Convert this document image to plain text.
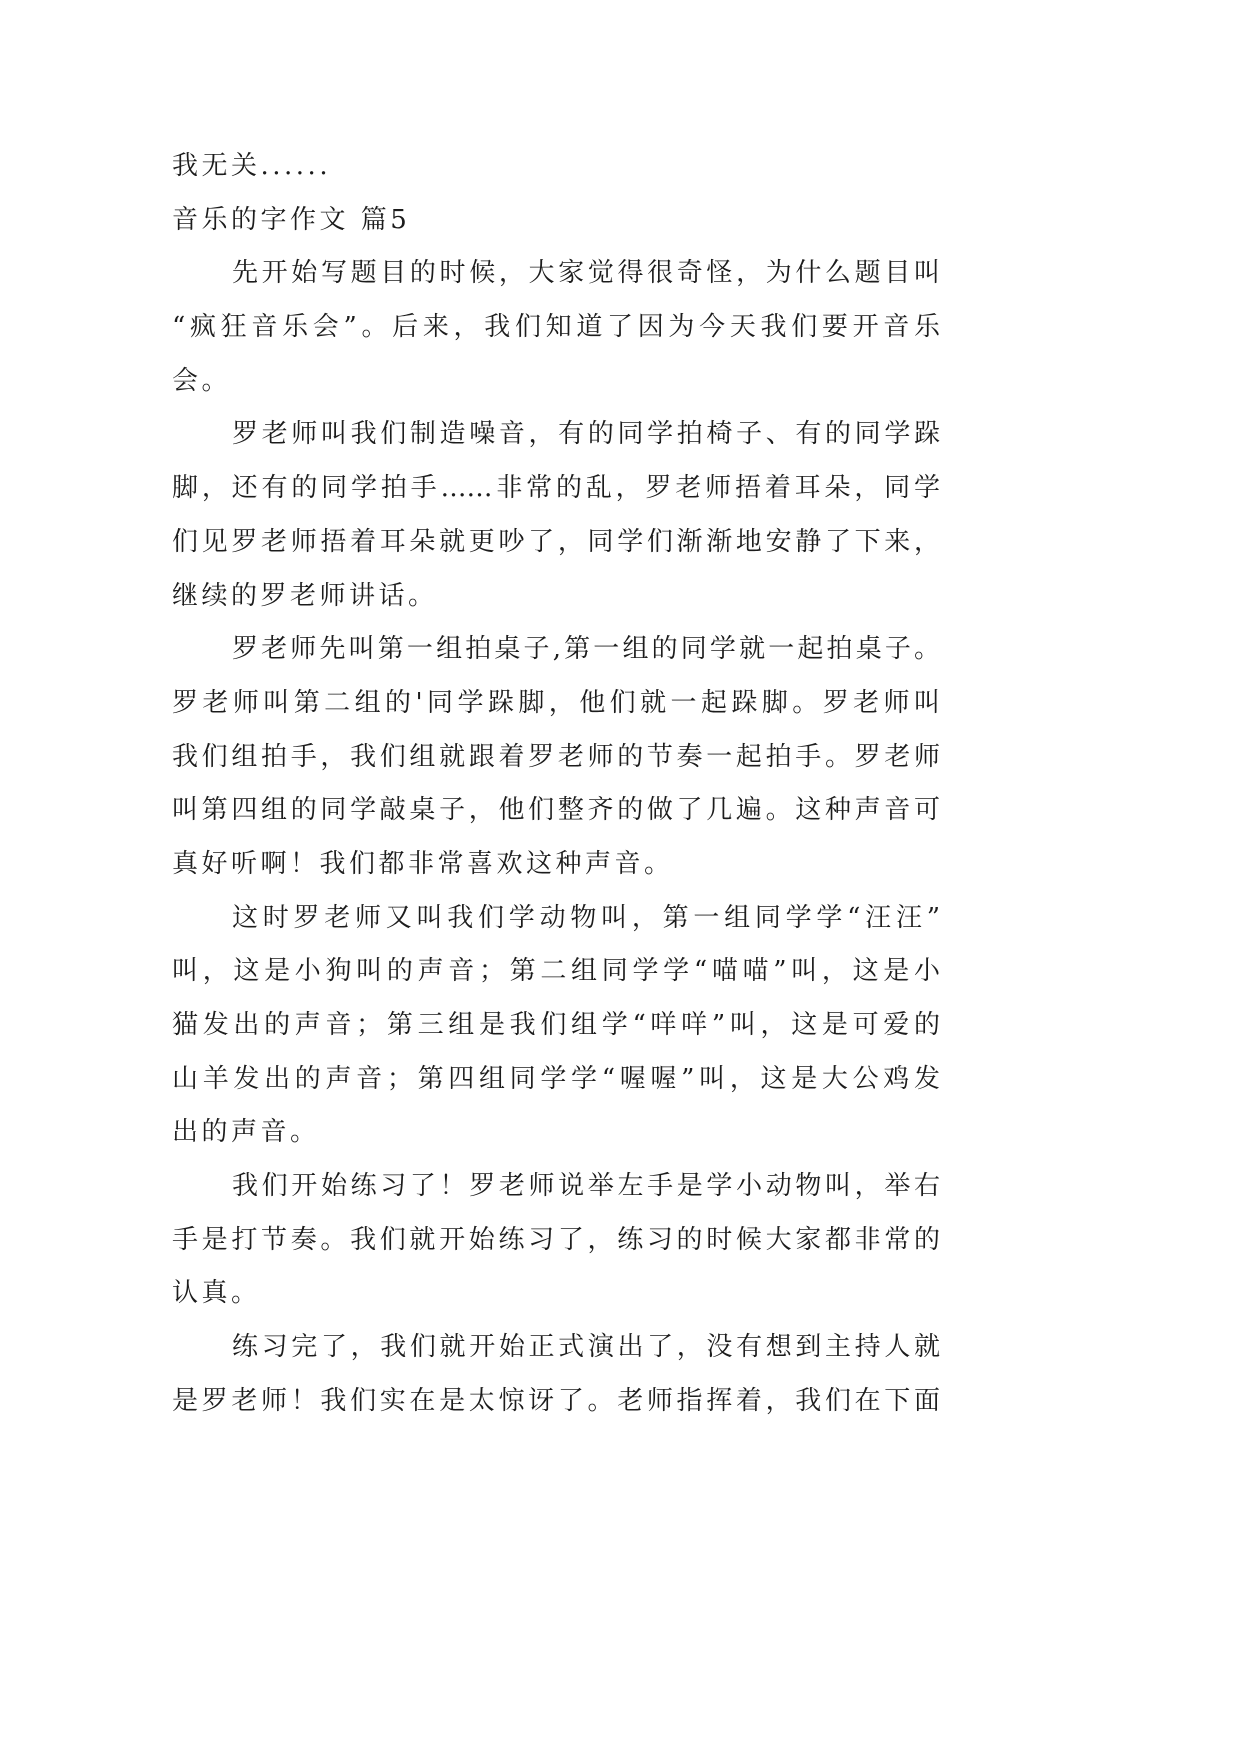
我无关......
音乐的字作文 篇5
先开始写题目的时候，大家觉得很奇怪，为什么题目叫
“疯狂音乐会”。后来，我们知道了因为今天我们要开音乐
会。
罗老师叫我们制造噪音，有的同学拍椅子、有的同学跺
脚，还有的同学拍手……非常的乱，罗老师捂着耳朵，同学
们见罗老师捂着耳朵就更吵了，同学们渐渐地安静了下来，
继续的罗老师讲话。
罗老师先叫第一组拍桌子,第一组的同学就一起拍桌子。
罗老师叫第二组的'同学跺脚，他们就一起跺脚。罗老师叫
我们组拍手，我们组就跟着罗老师的节奏一起拍手。罗老师
叫第四组的同学敲桌子，他们整齐的做了几遍。这种声音可
真好听啊！我们都非常喜欢这种声音。
这时罗老师又叫我们学动物叫，第一组同学学“汪汪”
叫，这是小狗叫的声音；第二组同学学“喵喵”叫，这是小
猫发出的声音；第三组是我们组学“咩咩”叫，这是可爱的
山羊发出的声音；第四组同学学“喔喔”叫，这是大公鸡发
出的声音。
我们开始练习了！罗老师说举左手是学小动物叫，举右
手是打节奏。我们就开始练习了，练习的时候大家都非常的
认真。
练习完了，我们就开始正式演出了，没有想到主持人就
是罗老师！我们实在是太惊讶了。老师指挥着，我们在下面
